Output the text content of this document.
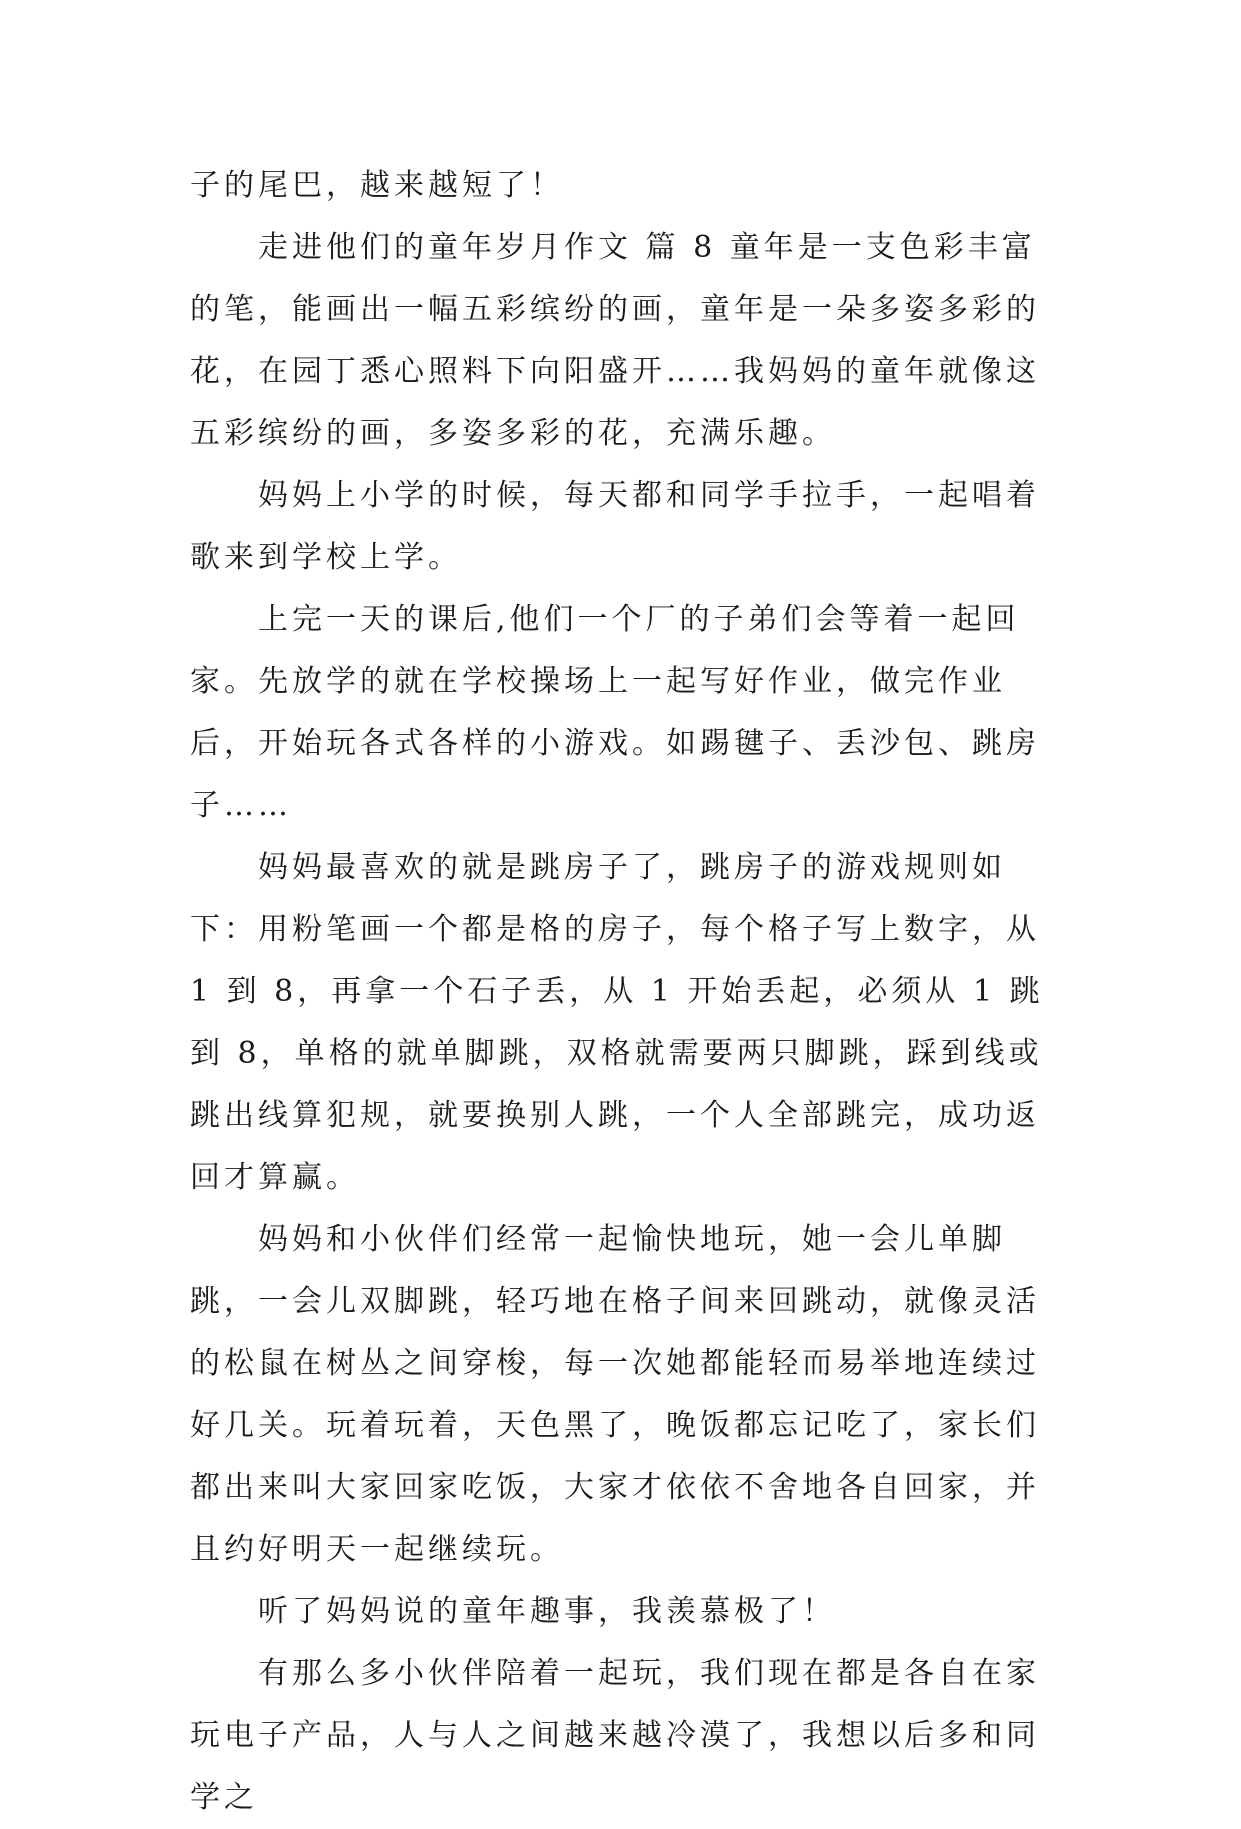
子的尾巴，越来越短了！

走进他们的童年岁月作文 篇 8 童年是一支色彩丰富的笔，能画出一幅五彩缤纷的画，童年是一朵多姿多彩的花，在园丁悉心照料下向阳盛开……我妈妈的童年就像这五彩缤纷的画，多姿多彩的花，充满乐趣。

妈妈上小学的时候，每天都和同学手拉手，一起唱着歌来到学校上学。

上完一天的课后,他们一个厂的子弟们会等着一起回家。先放学的就在学校操场上一起写好作业，做完作业后，开始玩各式各样的小游戏。如踢毽子、丢沙包、跳房子……

妈妈最喜欢的就是跳房子了，跳房子的游戏规则如下：用粉笔画一个都是格的房子，每个格子写上数字，从 1 到 8，再拿一个石子丢，从 1 开始丢起，必须从 1 跳到 8，单格的就单脚跳，双格就需要两只脚跳，踩到线或跳出线算犯规，就要换别人跳，一个人全部跳完，成功返回才算赢。

妈妈和小伙伴们经常一起愉快地玩，她一会儿单脚跳，一会儿双脚跳，轻巧地在格子间来回跳动，就像灵活的松鼠在树丛之间穿梭，每一次她都能轻而易举地连续过好几关。玩着玩着，天色黑了，晚饭都忘记吃了，家长们都出来叫大家回家吃饭，大家才依依不舍地各自回家，并且约好明天一起继续玩。

听了妈妈说的童年趣事，我羡慕极了！

有那么多小伙伴陪着一起玩，我们现在都是各自在家玩电子产品，人与人之间越来越冷漠了，我想以后多和同学之
